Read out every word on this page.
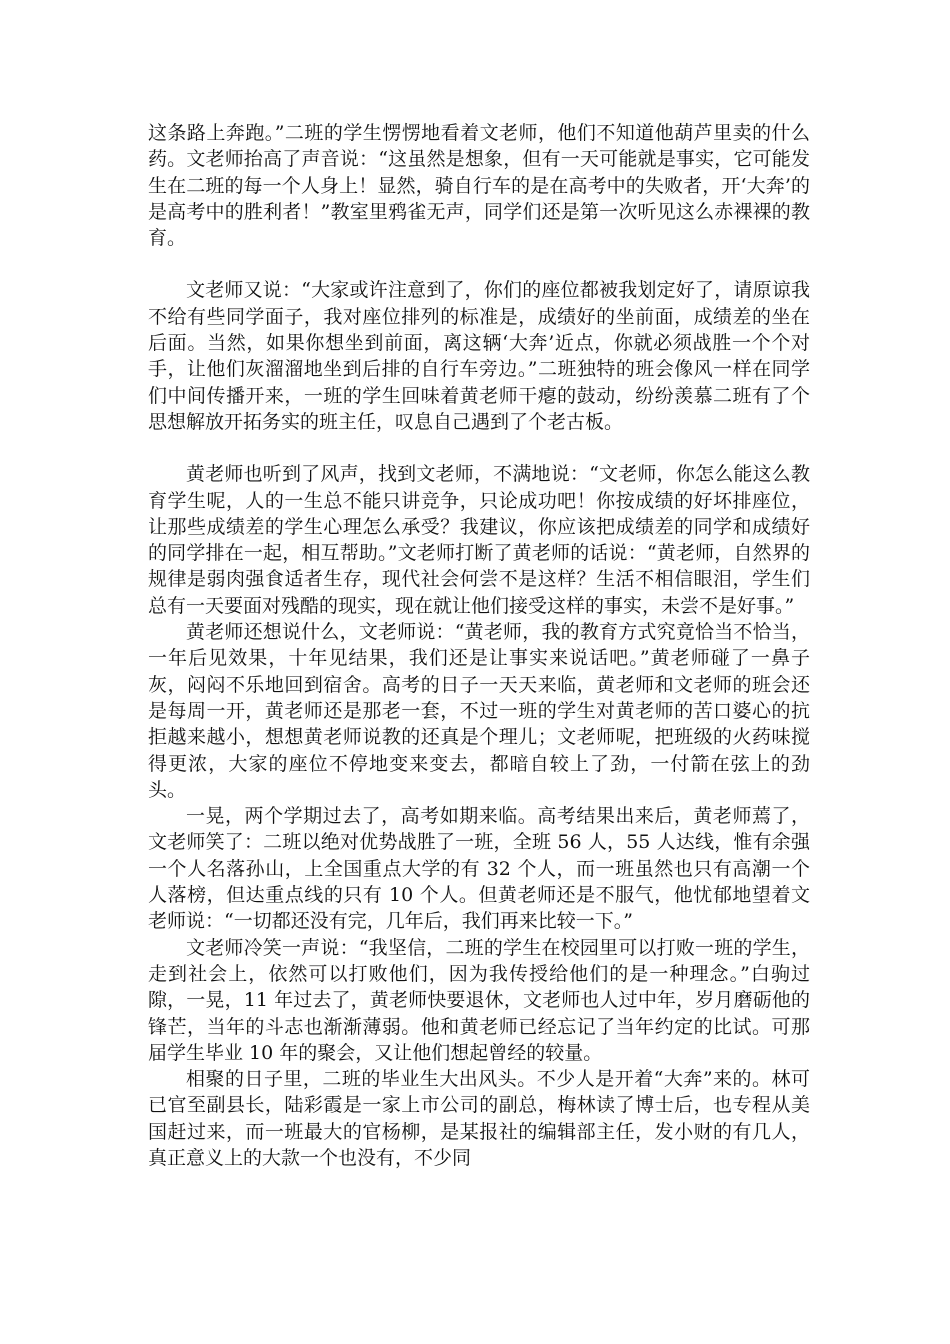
这条路上奔跑。”二班的学生愣愣地看着文老师，他们不知道他葫芦里卖的什么药。文老师抬高了声音说：“这虽然是想象，但有一天可能就是事实，它可能发生在二班的每一个人身上！显然，骑自行车的是在高考中的失败者，开‘大奔’的是高考中的胜利者！”教室里鸦雀无声，同学们还是第一次听见这么赤裸裸的教育。

文老师又说：“大家或许注意到了，你们的座位都被我划定好了，请原谅我不给有些同学面子，我对座位排列的标准是，成绩好的坐前面，成绩差的坐在后面。当然，如果你想坐到前面，离这辆‘大奔’近点，你就必须战胜一个个对手，让他们灰溜溜地坐到后排的自行车旁边。”二班独特的班会像风一样在同学们中间传播开来，一班的学生回味着黄老师干瘪的鼓动，纷纷羡慕二班有了个思想解放开拓务实的班主任，叹息自己遇到了个老古板。

黄老师也听到了风声，找到文老师，不满地说：“文老师，你怎么能这么教育学生呢，人的一生总不能只讲竞争，只论成功吧！你按成绩的好坏排座位，让那些成绩差的学生心理怎么承受？我建议，你应该把成绩差的同学和成绩好的同学排在一起，相互帮助。”文老师打断了黄老师的话说：“黄老师，自然界的规律是弱肉强食适者生存，现代社会何尝不是这样？生活不相信眼泪，学生们总有一天要面对残酷的现实，现在就让他们接受这样的事实，未尝不是好事。”

黄老师还想说什么，文老师说：“黄老师，我的教育方式究竟恰当不恰当，一年后见效果，十年见结果，我们还是让事实来说话吧。”黄老师碰了一鼻子灰，闷闷不乐地回到宿舍。高考的日子一天天来临，黄老师和文老师的班会还是每周一开，黄老师还是那老一套，不过一班的学生对黄老师的苦口婆心的抗拒越来越小，想想黄老师说教的还真是个理儿；文老师呢，把班级的火药味搅得更浓，大家的座位不停地变来变去，都暗自较上了劲，一付箭在弦上的劲头。

一晃，两个学期过去了，高考如期来临。高考结果出来后，黄老师蔫了，文老师笑了：二班以绝对优势战胜了一班，全班 56 人，55 人达线，惟有余强一个人名落孙山，上全国重点大学的有 32 个人，而一班虽然也只有高潮一个人落榜，但达重点线的只有 10 个人。但黄老师还是不服气，他忧郁地望着文老师说：“一切都还没有完，几年后，我们再来比较一下。”

文老师冷笑一声说：“我坚信，二班的学生在校园里可以打败一班的学生，走到社会上，依然可以打败他们，因为我传授给他们的是一种理念。”白驹过隙，一晃，11 年过去了，黄老师快要退休，文老师也人过中年，岁月磨砺他的锋芒，当年的斗志也渐渐薄弱。他和黄老师已经忘记了当年约定的比试。可那届学生毕业 10 年的聚会，又让他们想起曾经的较量。

相聚的日子里，二班的毕业生大出风头。不少人是开着“大奔”来的。林可已官至副县长，陆彩霞是一家上市公司的副总，梅林读了博士后，也专程从美国赶过来，而一班最大的官杨柳，是某报社的编辑部主任，发小财的有几人，真正意义上的大款一个也没有，不少同
